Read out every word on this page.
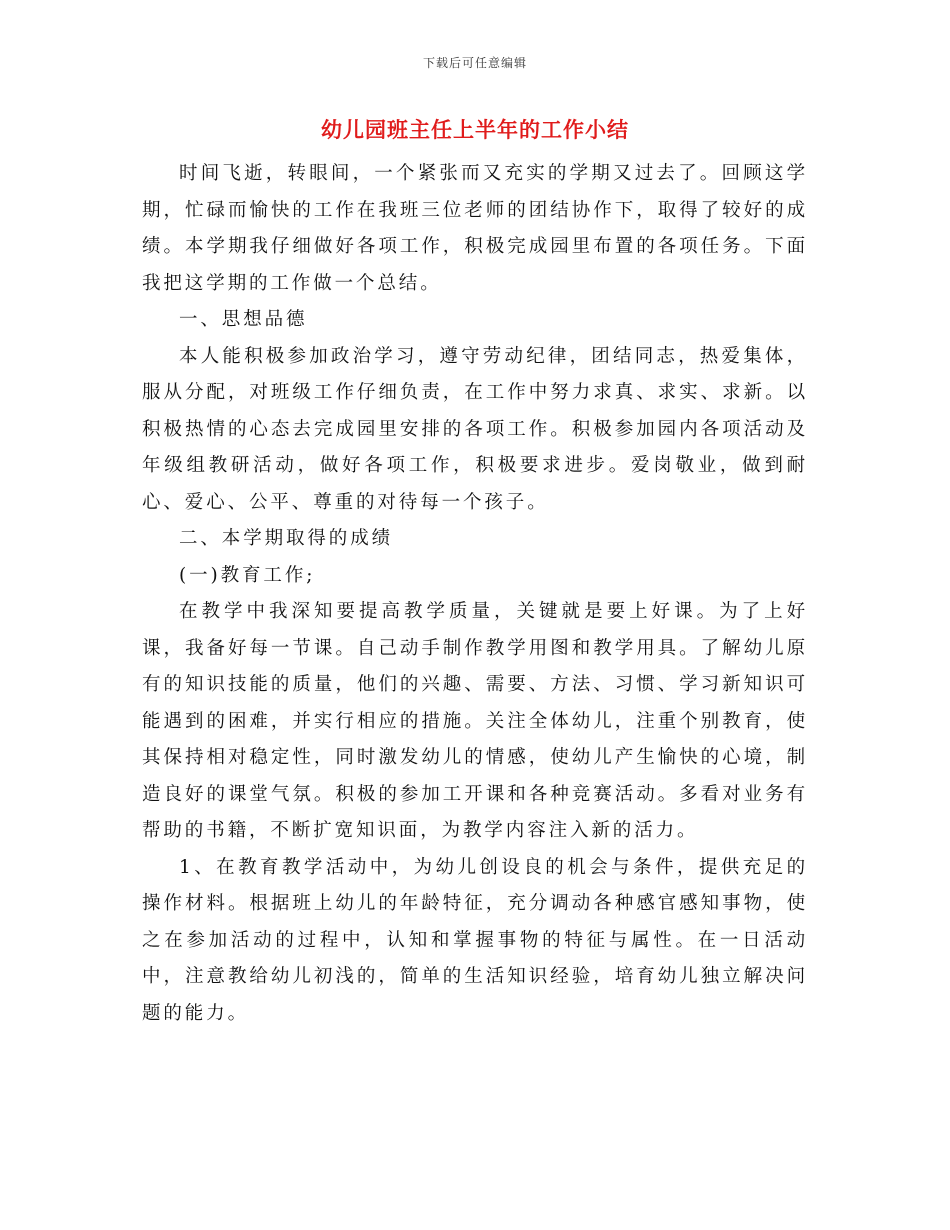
下载后可任意编辑
幼儿园班主任上半年的工作小结

时间飞逝，转眼间，一个紧张而又充实的学期又过去了。回顾这学期，忙碌而愉快的工作在我班三位老师的团结协作下，取得了较好的成绩。本学期我仔细做好各项工作，积极完成园里布置的各项任务。下面我把这学期的工作做一个总结。

一、思想品德

本人能积极参加政治学习，遵守劳动纪律，团结同志，热爱集体，服从分配，对班级工作仔细负责，在工作中努力求真、求实、求新。以积极热情的心态去完成园里安排的各项工作。积极参加园内各项活动及年级组教研活动，做好各项工作，积极要求进步。爱岗敬业，做到耐心、爱心、公平、尊重的对待每一个孩子。

二、本学期取得的成绩

(一)教育工作;

在教学中我深知要提高教学质量，关键就是要上好课。为了上好课，我备好每一节课。自己动手制作教学用图和教学用具。了解幼儿原有的知识技能的质量，他们的兴趣、需要、方法、习惯、学习新知识可能遇到的困难，并实行相应的措施。关注全体幼儿，注重个别教育，使其保持相对稳定性，同时激发幼儿的情感，使幼儿产生愉快的心境，制造良好的课堂气氛。积极的参加工开课和各种竞赛活动。多看对业务有帮助的书籍，不断扩宽知识面，为教学内容注入新的活力。

1、在教育教学活动中，为幼儿创设良的机会与条件，提供充足的操作材料。根据班上幼儿的年龄特征，充分调动各种感官感知事物，使之在参加活动的过程中，认知和掌握事物的特征与属性。在一日活动中，注意教给幼儿初浅的，简单的生活知识经验，培育幼儿独立解决问题的能力。
